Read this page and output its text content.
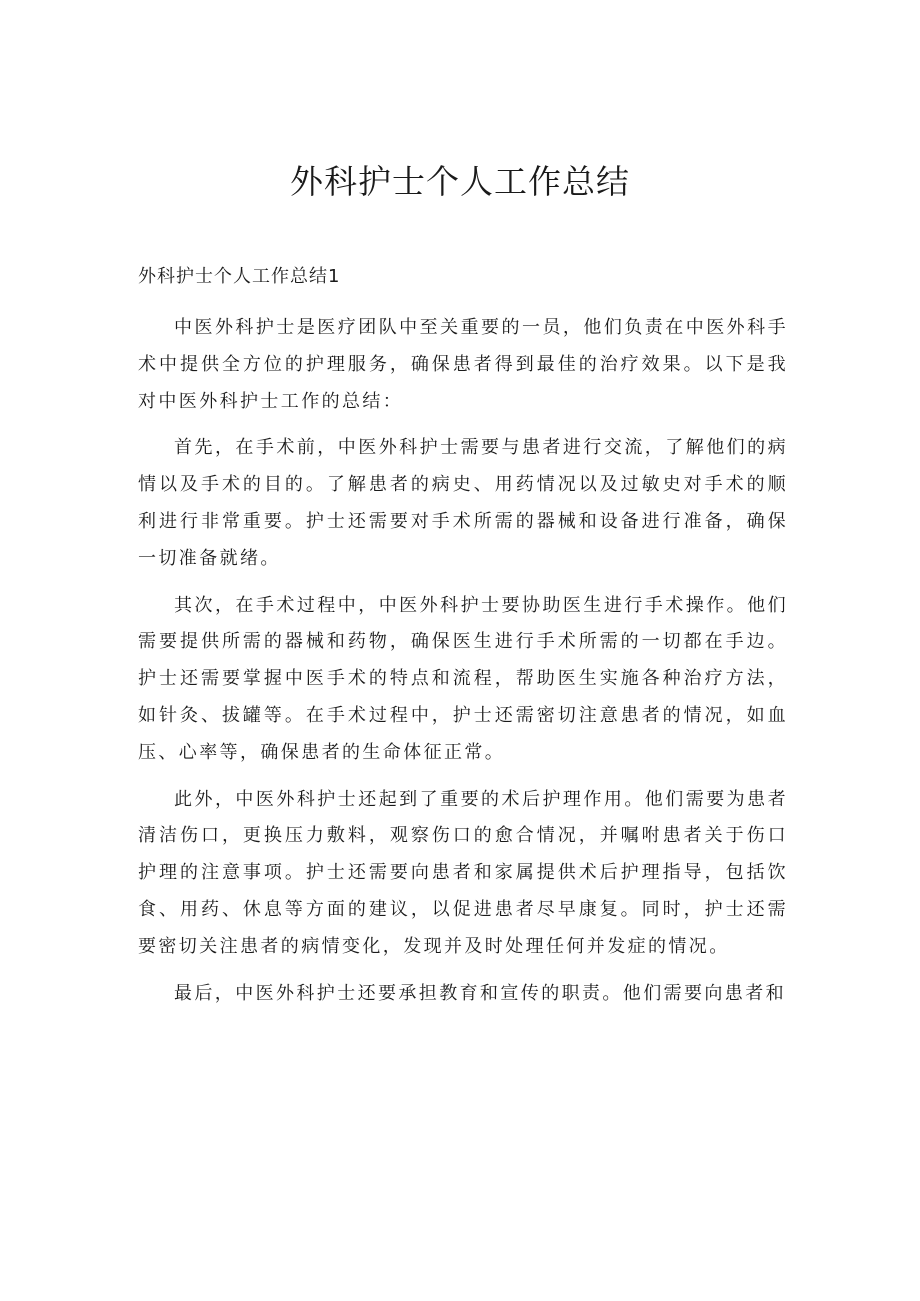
外科护士个人工作总结
外科护士个人工作总结1

中医外科护士是医疗团队中至关重要的一员，他们负责在中医外科手术中提供全方位的护理服务，确保患者得到最佳的治疗效果。以下是我对中医外科护士工作的总结：

首先，在手术前，中医外科护士需要与患者进行交流，了解他们的病情以及手术的目的。了解患者的病史、用药情况以及过敏史对手术的顺利进行非常重要。护士还需要对手术所需的器械和设备进行准备，确保一切准备就绪。

其次，在手术过程中，中医外科护士要协助医生进行手术操作。他们需要提供所需的器械和药物，确保医生进行手术所需的一切都在手边。护士还需要掌握中医手术的特点和流程，帮助医生实施各种治疗方法，如针灸、拔罐等。在手术过程中，护士还需密切注意患者的情况，如血压、心率等，确保患者的生命体征正常。

此外，中医外科护士还起到了重要的术后护理作用。他们需要为患者清洁伤口，更换压力敷料，观察伤口的愈合情况，并嘱咐患者关于伤口护理的注意事项。护士还需要向患者和家属提供术后护理指导，包括饮食、用药、休息等方面的建议，以促进患者尽早康复。同时，护士还需要密切关注患者的病情变化，发现并及时处理任何并发症的情况。

最后，中医外科护士还要承担教育和宣传的职责。他们需要向患者和
